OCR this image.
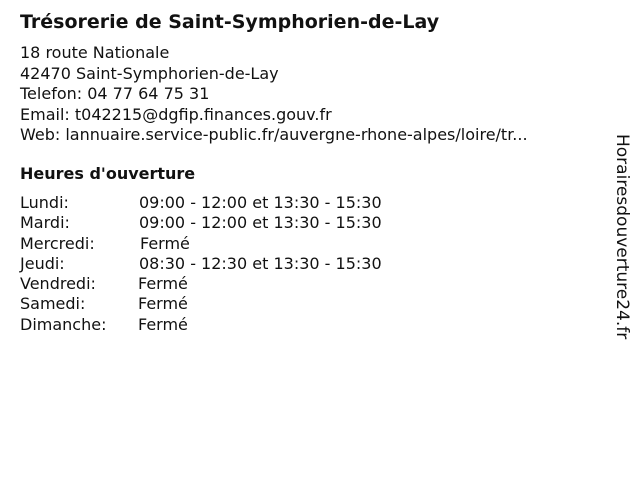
Trésorerie de Saint-Symphorien-de-Lay
18 route Nationale
42470 Saint-Symphorien-de-Lay
Telefon: 04 77 64 75 31
Email: t042215@dgfip.finances.gouv.fr
Web: lannuaire.service-public.fr/auvergne-rhone-alpes/loire/tr...
Heures d'ouverture
Lundi:	09:00 - 12:00 et 13:30 - 15:30
Mardi:	09:00 - 12:00 et 13:30 - 15:30
Mercredi:	Fermé
Jeudi:	08:30 - 12:30 et 13:30 - 15:30
Vendredi:	Fermé
Samedi:	Fermé
Dimanche: Fermé	Horairesdouverture24.fr
